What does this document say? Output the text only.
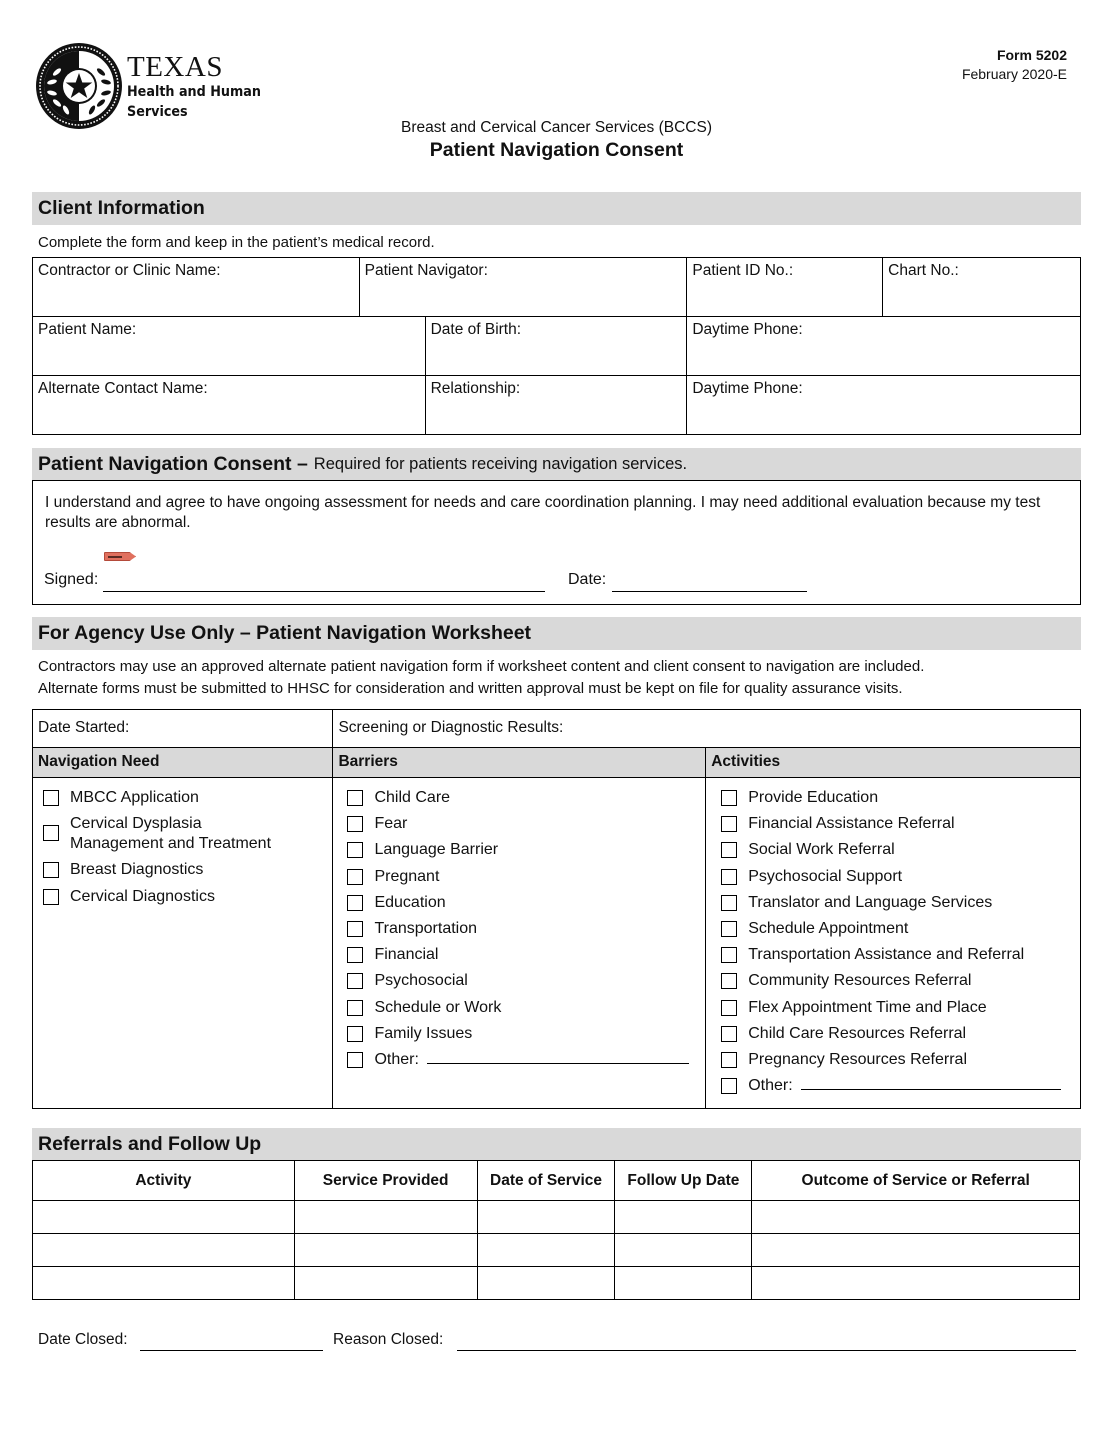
TEXAS
Health and Human
Services
Form 5202
February 2020-E
Breast and Cervical Cancer Services (BCCS)
Patient Navigation Consent
Client Information
Complete the form and keep in the patient’s medical record.
Contractor or Clinic Name:	Patient Navigator:		Patient ID No.:	Chart No.:
Patient Name:		Date of Birth:	Daytime Phone:	
Alternate Contact Name:		Relationship:	Daytime Phone:	
Patient Navigation Consent – Required for patients receiving navigation services.
I understand and agree to have ongoing assessment for needs and care coordination planning. I may need additional evaluation because my test results are abnormal.
Signed:	Date:
For Agency Use Only – Patient Navigation Worksheet
Contractors may use an approved alternate patient navigation form if worksheet content and client consent to navigation are included.
Alternate forms must be submitted to HHSC for consideration and written approval must be kept on file for quality assurance visits.
Date Started:	Screening or Diagnostic Results:	
Navigation Need	Barriers	Activities

MBCC Application
Cervical Dysplasia Management and Treatment
Breast Diagnostics
Cervical Diagnostics

Child Care
Fear
Language Barrier
Pregnant
Education
Transportation
Financial
Psychosocial
Schedule or Work
Family Issues
Other:

Provide Education
Financial Assistance Referral
Social Work Referral
Psychosocial Support
Translator and Language Services
Schedule Appointment
Transportation Assistance and Referral
Community Resources Referral
Flex Appointment Time and Place
Child Care Resources Referral
Pregnancy Resources Referral
Other:
Referrals and Follow Up
Activity	Service Provided	Date of Service	Follow Up Date	Outcome of Service or Referral

Date Closed:	Reason Closed:
